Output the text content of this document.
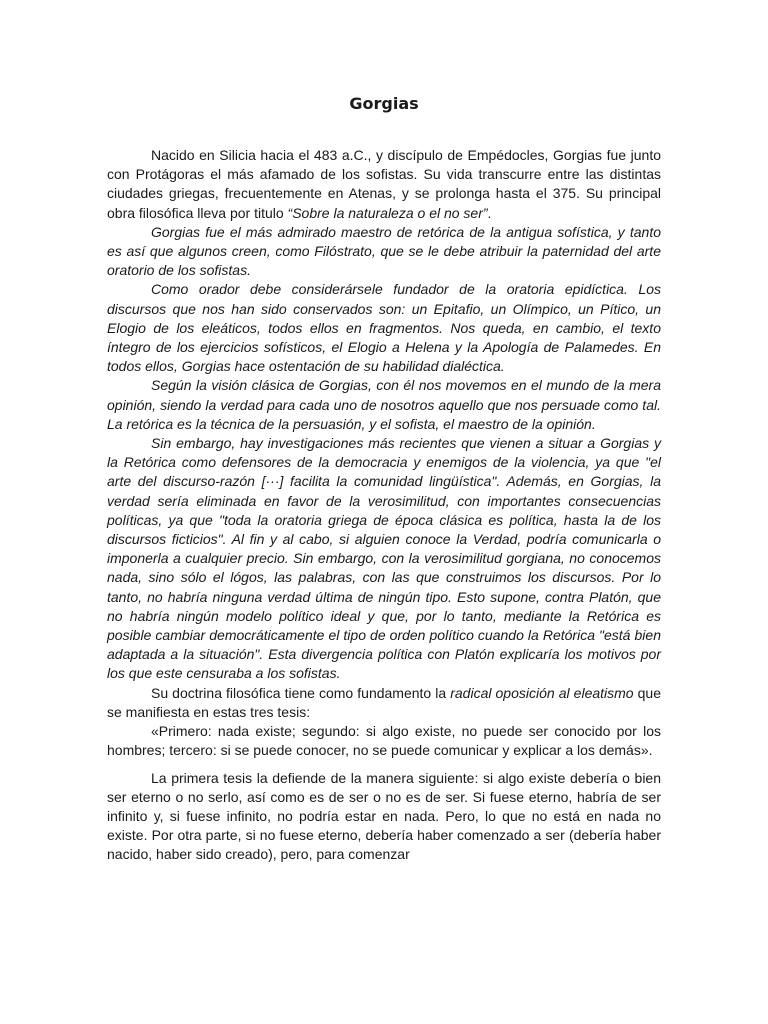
Gorgias

Nacido en Silicia hacia el 483 a.C., y discípulo de Empédocles, Gorgias fue junto con Protágoras el más afamado de los sofistas. Su vida transcurre entre las distintas ciudades griegas, frecuentemente en Atenas, y se prolonga hasta el 375. Su principal obra filosófica lleva por titulo “Sobre la naturaleza o el no ser”.

Gorgias fue el más admirado maestro de retórica de la antigua sofística, y tanto es así que algunos creen, como Filóstrato, que se le debe atribuir la paternidad del arte oratorio de los sofistas.

Como orador debe considerársele fundador de la oratoria epidíctica. Los discursos que nos han sido conservados son: un Epitafio, un Olímpico, un Pítico, un Elogio de los eleáticos, todos ellos en fragmentos. Nos queda, en cambio, el texto íntegro de los ejercicios sofísticos, el Elogio a Helena y la Apología de Palamedes. En todos ellos, Gorgias hace ostentación de su habilidad dialéctica.

Según la visión clásica de Gorgias, con él nos movemos en el mundo de la mera opinión, siendo la verdad para cada uno de nosotros aquello que nos persuade como tal. La retórica es la técnica de la persuasión, y el sofista, el maestro de la opinión.

Sin embargo, hay investigaciones más recientes que vienen a situar a Gorgias y la Retórica como defensores de la democracia y enemigos de la violencia, ya que "el arte del discurso-razón [···] facilita la comunidad lingüística". Además, en Gorgias, la verdad sería eliminada en favor de la verosimilitud, con importantes consecuencias políticas, ya que "toda la oratoria griega de época clásica es política, hasta la de los discursos ficticios". Al fin y al cabo, si alguien conoce la Verdad, podría comunicarla o imponerla a cualquier precio. Sin embargo, con la verosimilitud gorgiana, no conocemos nada, sino sólo el lógos, las palabras, con las que construimos los discursos. Por lo tanto, no habría ninguna verdad última de ningún tipo. Esto supone, contra Platón, que no habría ningún modelo político ideal y que, por lo tanto, mediante la Retórica es posible cambiar democráticamente el tipo de orden político cuando la Retórica "está bien adaptada a la situación". Esta divergencia política con Platón explicaría los motivos por los que este censuraba a los sofistas.

Su doctrina filosófica tiene como fundamento la radical oposición al eleatismo que se manifiesta en estas tres tesis:

«Primero: nada existe; segundo: si algo existe, no puede ser conocido por los hombres; tercero: si se puede conocer, no se puede comunicar y explicar a los demás».

La primera tesis la defiende de la manera siguiente: si algo existe debería o bien ser eterno o no serlo, así como es de ser o no es de ser. Si fuese eterno, habría de ser infinito y, si fuese infinito, no podría estar en nada. Pero, lo que no está en nada no existe. Por otra parte, si no fuese eterno, debería haber comenzado a ser (debería haber nacido, haber sido creado), pero, para comenzar
